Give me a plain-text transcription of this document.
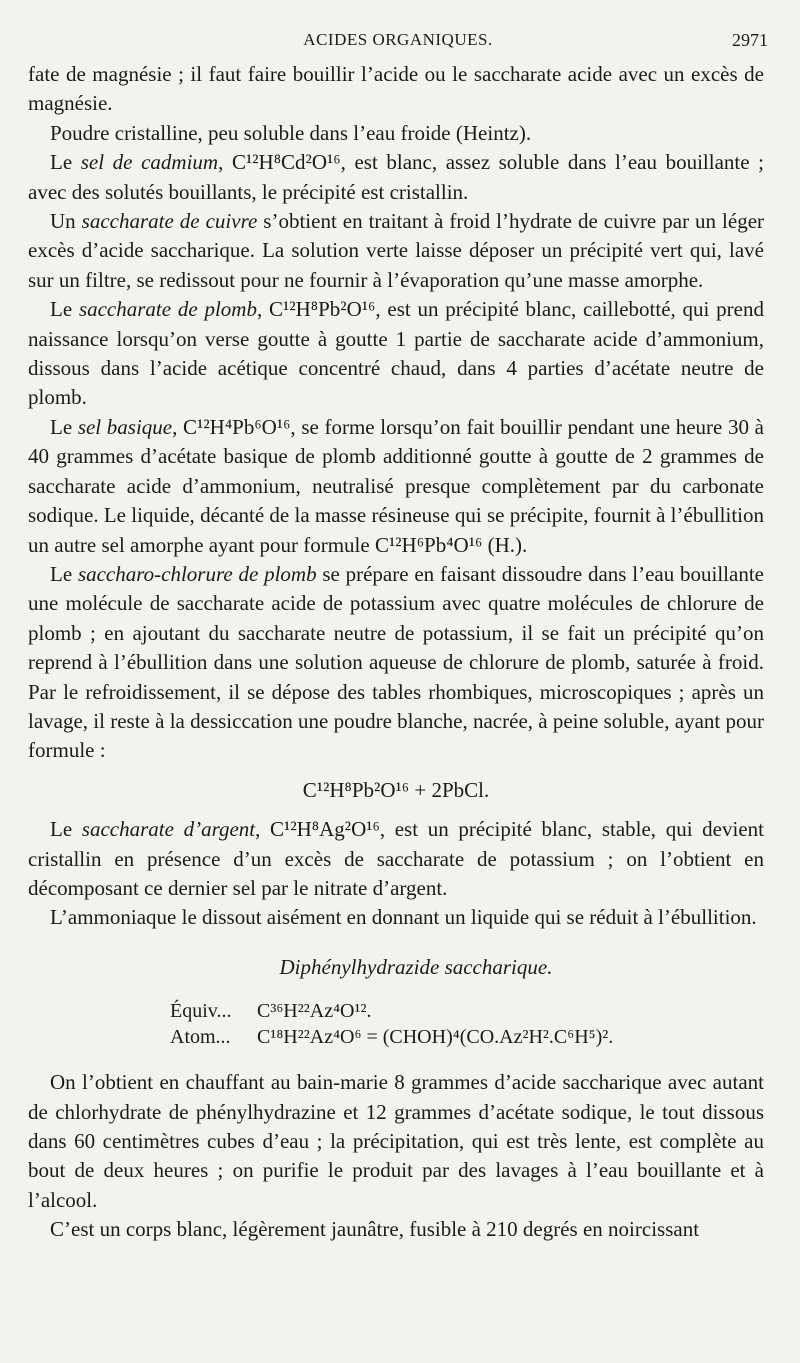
ACIDES ORGANIQUES.	2971

fate de magnésie ; il faut faire bouillir l’acide ou le saccharate acide avec un excès de magnésie.

Poudre cristalline, peu soluble dans l’eau froide (Heintz).

Le sel de cadmium, C¹²H⁸Cd²O¹⁶, est blanc, assez soluble dans l’eau bouillante ; avec des solutés bouillants, le précipité est cristallin.

Un saccharate de cuivre s’obtient en traitant à froid l’hydrate de cuivre par un léger excès d’acide saccharique. La solution verte laisse déposer un précipité vert qui, lavé sur un filtre, se redissout pour ne fournir à l’évaporation qu’une masse amorphe.

Le saccharate de plomb, C¹²H⁸Pb²O¹⁶, est un précipité blanc, caillebotté, qui prend naissance lorsqu’on verse goutte à goutte 1 partie de saccharate acide d’ammonium, dissous dans l’acide acétique concentré chaud, dans 4 parties d’acétate neutre de plomb.

Le sel basique, C¹²H⁴Pb⁶O¹⁶, se forme lorsqu’on fait bouillir pendant une heure 30 à 40 grammes d’acétate basique de plomb additionné goutte à goutte de 2 grammes de saccharate acide d’ammonium, neutralisé presque complètement par du carbonate sodique. Le liquide, décanté de la masse résineuse qui se précipite, fournit à l’ébullition un autre sel amorphe ayant pour formule C¹²H⁶Pb⁴O¹⁶ (H.).

Le saccharo-chlorure de plomb se prépare en faisant dissoudre dans l’eau bouillante une molécule de saccharate acide de potassium avec quatre molécules de chlorure de plomb ; en ajoutant du saccharate neutre de potassium, il se fait un précipité qu’on reprend à l’ébullition dans une solution aqueuse de chlorure de plomb, saturée à froid. Par le refroidissement, il se dépose des tables rhombiques, microscopiques ; après un lavage, il reste à la dessiccation une poudre blanche, nacrée, à peine soluble, ayant pour formule :

C¹²H⁸Pb²O¹⁶ + 2PbCl.

Le saccharate d’argent, C¹²H⁸Ag²O¹⁶, est un précipité blanc, stable, qui devient cristallin en présence d’un excès de saccharate de potassium ; on l’obtient en décomposant ce dernier sel par le nitrate d’argent.

L’ammoniaque le dissout aisément en donnant un liquide qui se réduit à l’ébullition.

Diphénylhydrazide saccharique.

Équiv...	C³⁶H²²Az⁴O¹².
Atom...	C¹⁸H²²Az⁴O⁶ = (CHOH)⁴(CO.Az²H².C⁶H⁵)².

On l’obtient en chauffant au bain-marie 8 grammes d’acide saccharique avec autant de chlorhydrate de phénylhydrazine et 12 grammes d’acétate sodique, le tout dissous dans 60 centimètres cubes d’eau ; la précipitation, qui est très lente, est complète au bout de deux heures ; on purifie le produit par des lavages à l’eau bouillante et à l’alcool.

C’est un corps blanc, légèrement jaunâtre, fusible à 210 degrés en noircissant
